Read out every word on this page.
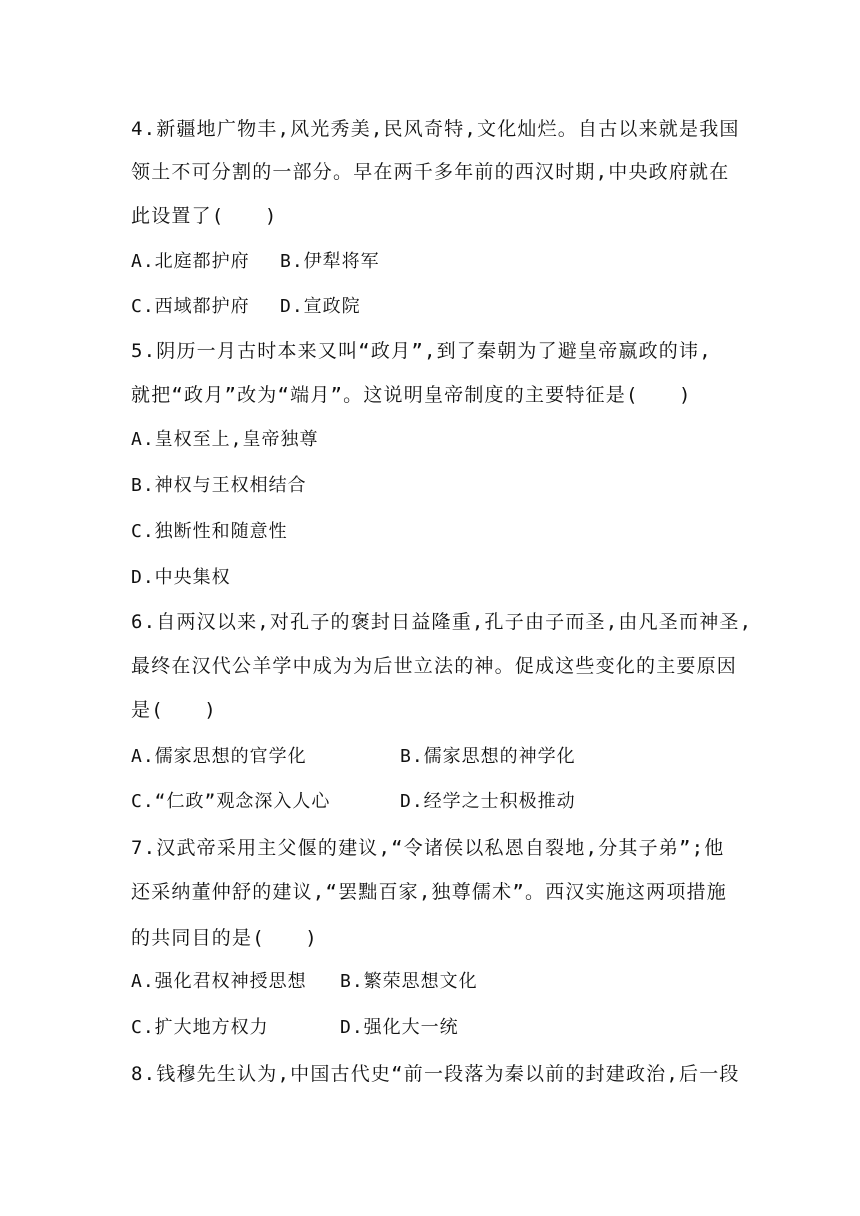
4.新疆地广物丰,风光秀美,民风奇特,文化灿烂。自古以来就是我国
领土不可分割的一部分。早在两千多年前的西汉时期,中央政府就在
此设置了(　　)
A.北庭都护府 B.伊犁将军
C.西域都护府 D.宣政院
5.阴历一月古时本来又叫“政月”,到了秦朝为了避皇帝嬴政的讳,
就把“政月”改为“端月”。这说明皇帝制度的主要特征是(　　)
A.皇权至上,皇帝独尊
B.神权与王权相结合
C.独断性和随意性
D.中央集权
6.自两汉以来,对孔子的褒封日益隆重,孔子由子而圣,由凡圣而神圣,
最终在汉代公羊学中成为为后世立法的神。促成这些变化的主要原因
是(　　)
A.儒家思想的官学化	B.儒家思想的神学化
C.“仁政”观念深入人心	D.经学之士积极推动
7.汉武帝采用主父偃的建议,“令诸侯以私恩自裂地,分其子弟”;他
还采纳董仲舒的建议,“罢黜百家,独尊儒术”。西汉实施这两项措施
的共同目的是(　　)
A.强化君权神授思想 B.繁荣思想文化
C.扩大地方权力	D.强化大一统
8.钱穆先生认为,中国古代史“前一段落为秦以前的封建政治,后一段
